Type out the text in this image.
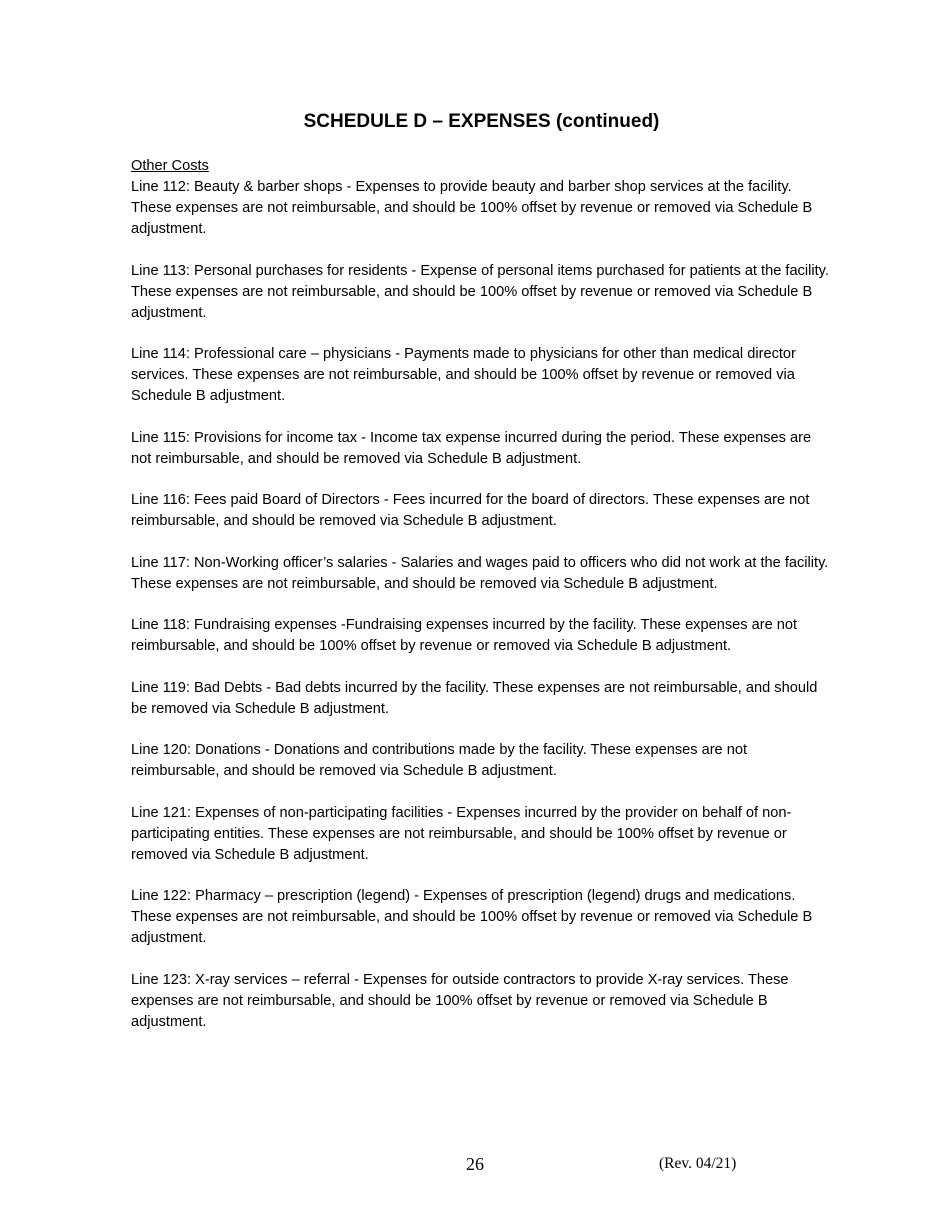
SCHEDULE D – EXPENSES (continued)

Other Costs

Line 112: Beauty & barber shops - Expenses to provide beauty and barber shop services at the facility. These expenses are not reimbursable, and should be 100% offset by revenue or removed via Schedule B adjustment.

Line 113: Personal purchases for residents - Expense of personal items purchased for patients at the facility. These expenses are not reimbursable, and should be 100% offset by revenue or removed via Schedule B adjustment.

Line 114: Professional care – physicians - Payments made to physicians for other than medical director services. These expenses are not reimbursable, and should be 100% offset by revenue or removed via Schedule B adjustment.

Line 115: Provisions for income tax - Income tax expense incurred during the period. These expenses are not reimbursable, and should be removed via Schedule B adjustment.

Line 116: Fees paid Board of Directors - Fees incurred for the board of directors. These expenses are not reimbursable, and should be removed via Schedule B adjustment.

Line 117: Non-Working officer’s salaries - Salaries and wages paid to officers who did not work at the facility. These expenses are not reimbursable, and should be removed via Schedule B adjustment.

Line 118: Fundraising expenses -Fundraising expenses incurred by the facility. These expenses are not reimbursable, and should be 100% offset by revenue or removed via Schedule B adjustment.

Line 119: Bad Debts - Bad debts incurred by the facility. These expenses are not reimbursable, and should be removed via Schedule B adjustment.

Line 120: Donations - Donations and contributions made by the facility. These expenses are not reimbursable, and should be removed via Schedule B adjustment.

Line 121: Expenses of non-participating facilities - Expenses incurred by the provider on behalf of non-participating entities. These expenses are not reimbursable, and should be 100% offset by revenue or removed via Schedule B adjustment.

Line 122: Pharmacy – prescription (legend) - Expenses of prescription (legend) drugs and medications. These expenses are not reimbursable, and should be 100% offset by revenue or removed via Schedule B adjustment.

Line 123: X-ray services – referral - Expenses for outside contractors to provide X-ray services. These expenses are not reimbursable, and should be 100% offset by revenue or removed via Schedule B adjustment.

26	(Rev. 04/21)
